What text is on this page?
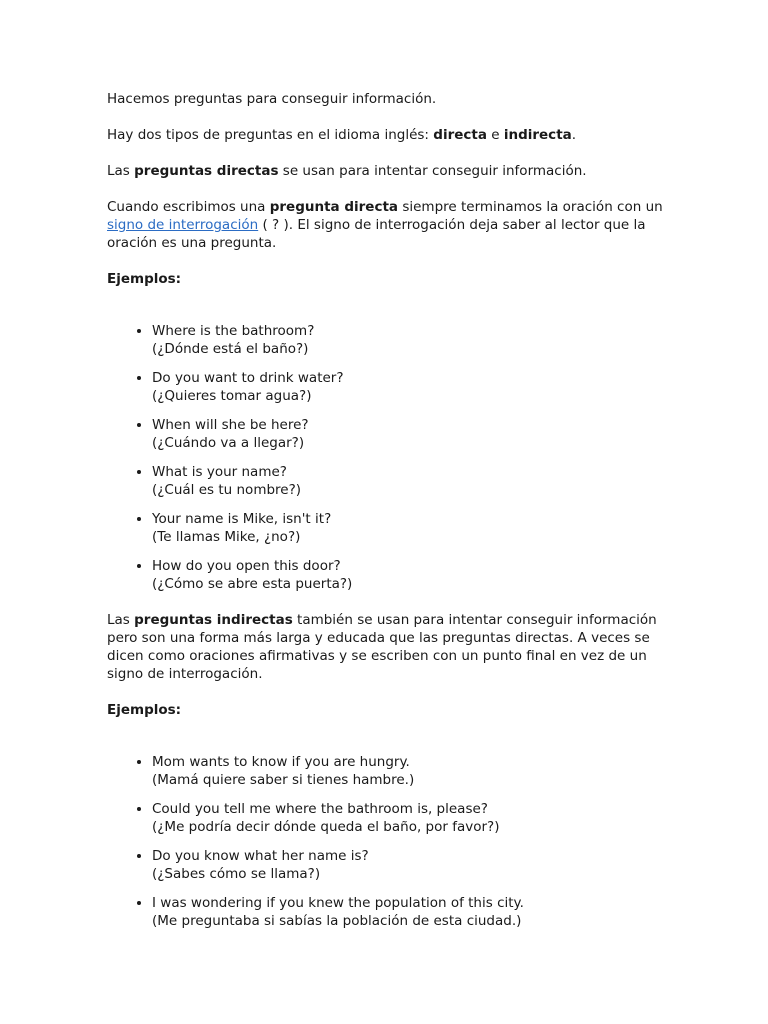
Hacemos preguntas para conseguir información.

Hay dos tipos de preguntas en el idioma inglés: directa e indirecta.

Las preguntas directas se usan para intentar conseguir información.

Cuando escribimos una pregunta directa siempre terminamos la oración con un signo de interrogación ( ? ). El signo de interrogación deja saber al lector que la oración es una pregunta.

Ejemplos:

• Where is the bathroom?
(¿Dónde está el baño?)
• Do you want to drink water?
(¿Quieres tomar agua?)
• When will she be here?
(¿Cuándo va a llegar?)
• What is your name?
(¿Cuál es tu nombre?)
• Your name is Mike, isn't it?
(Te llamas Mike, ¿no?)
• How do you open this door?
(¿Cómo se abre esta puerta?)

Las preguntas indirectas también se usan para intentar conseguir información pero son una forma más larga y educada que las preguntas directas. A veces se dicen como oraciones afirmativas y se escriben con un punto final en vez de un signo de interrogación.

Ejemplos:

• Mom wants to know if you are hungry.
(Mamá quiere saber si tienes hambre.)
• Could you tell me where the bathroom is, please?
(¿Me podría decir dónde queda el baño, por favor?)
• Do you know what her name is?
(¿Sabes cómo se llama?)
• I was wondering if you knew the population of this city.
(Me preguntaba si sabías la población de esta ciudad.)
